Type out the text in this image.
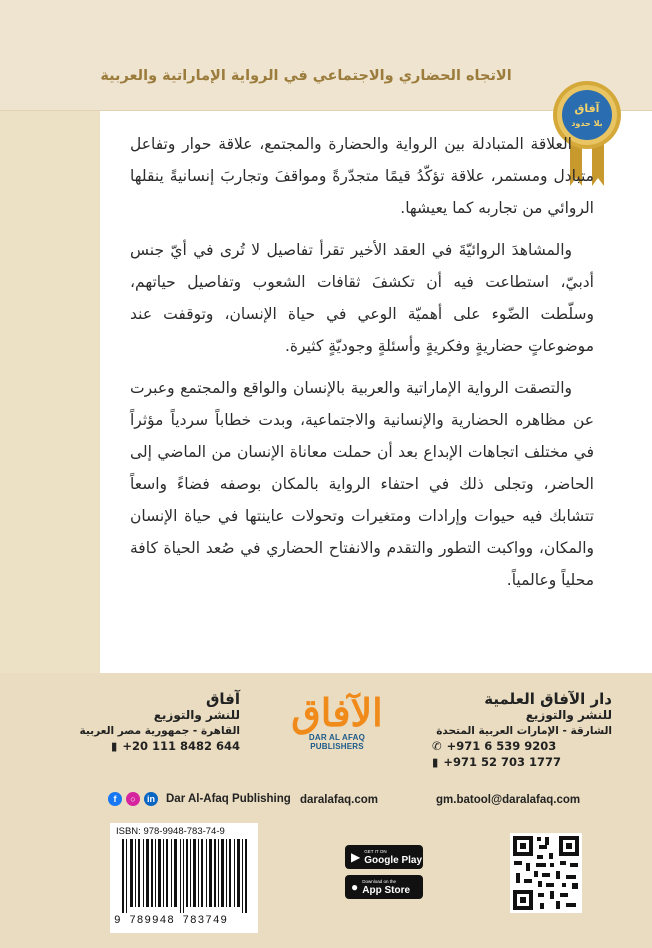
الاتجاه الحضاري والاجتماعي في الرواية الإماراتية والعربية
آفاق
بلا حدود

العلاقة المتبادلة بين الرواية والحضارة والمجتمع، علاقة حوار وتفاعل متبادل ومستمر، علاقة تؤكّدُ قيمًا متجدّرةً ومواقفَ وتجاربَ إنسانيةً ينقلها الروائي من تجاربه كما يعيشها.

والمشاهدَ الروائيّةَ في العقد الأخير تقرأ تفاصيل لا تُرى في أيّ جنس أدبيّ، استطاعت فيه أن تكشفَ ثقافات الشعوب وتفاصيل حياتهم، وسلّطت الضّوء على أهميّة الوعي في حياة الإنسان، وتوقفت عند موضوعاتٍ حضاريةٍ وفكريةٍ وأسئلةٍ وجوديّةٍ كثيرة.

والتصقت الرواية الإماراتية والعربية بالإنسان والواقع والمجتمع وعبرت عن مظاهره الحضارية والإنسانية والاجتماعية، وبدت خطاباً سردياً مؤثراً في مختلف اتجاهات الإبداع بعد أن حملت معاناة الإنسان من الماضي إلى الحاضر، وتجلى ذلك في احتفاء الرواية بالمكان بوصفه فضاءً واسعاً تتشابك فيه حيوات وإرادات ومتغيرات وتحولات عاينتها في حياة الإنسان والمكان، وواكبت التطور والتقدم والانفتاح الحضاري في صُعد الحياة كافة محلياً وعالمياً.

دار الآفاق العلمية
للنشر والتوزيع
الشارقة - الإمارات العربية المتحدة
✆ +971 6 539 9203
▮ +971 52 703 1777
الآفاق
DAR AL AFAQ PUBLISHERS
آفاق
للنشر والتوزيع
القاهرة - جمهورية مصر العربية
▮ +20 111 8482 644
f	○	in Dar Al-Afaq Publishing daralafaq.com	gm.batool@daralafaq.com
ISBN: 978-9948-783-74-9
9 789948 783749
▶ GET IT ON
Google Play
● Download on the
App Store
